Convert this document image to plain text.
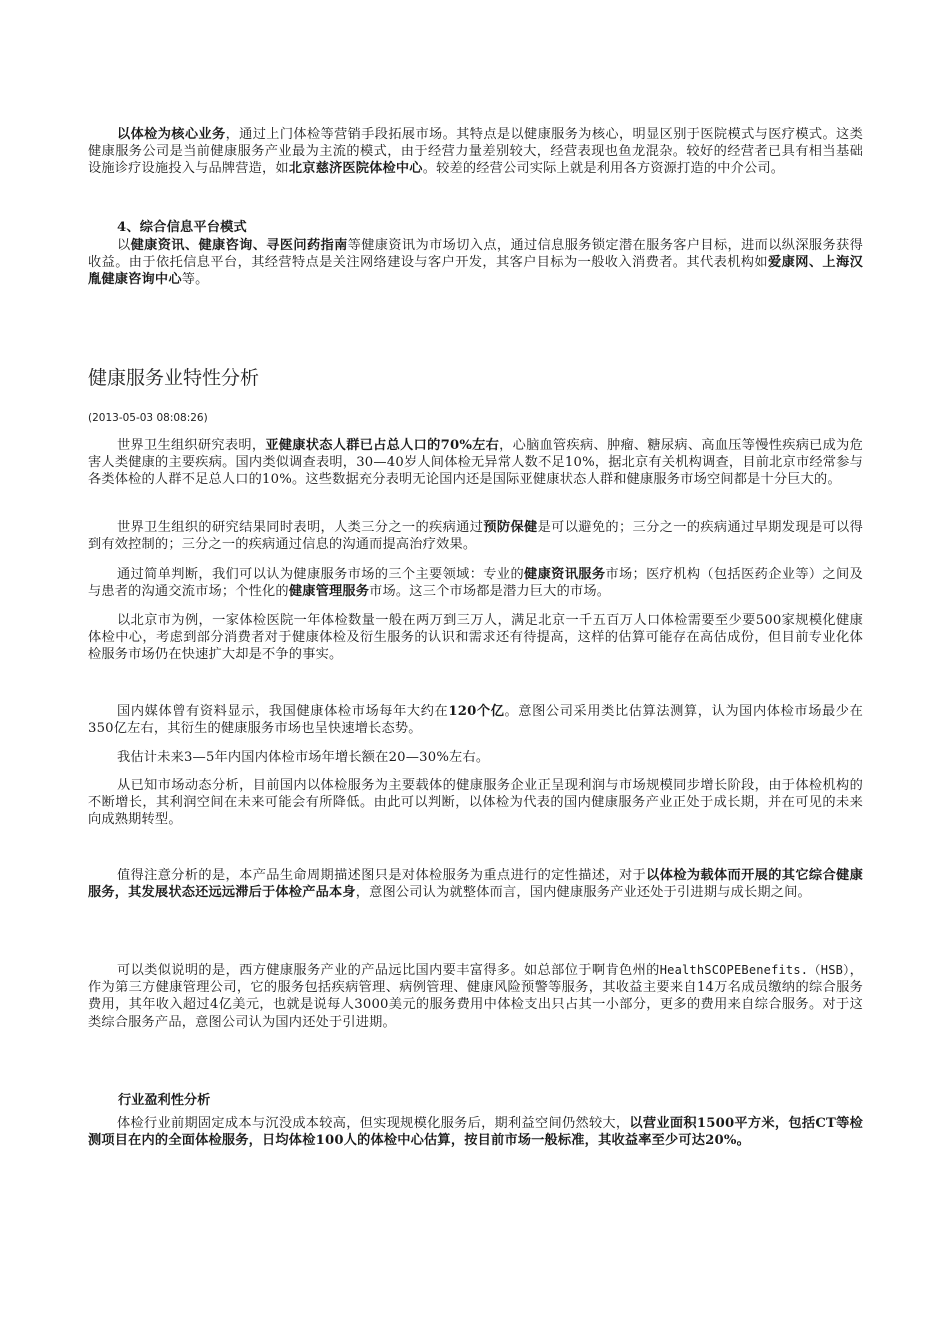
以体检为核心业务，通过上门体检等营销手段拓展市场。其特点是以健康服务为核心，明显区别于医院模式与医疗模式。这类健康服务公司是当前健康服务产业最为主流的模式，由于经营力量差别较大，经营表现也鱼龙混杂。较好的经营者已具有相当基础设施诊疗设施投入与品牌营造，如北京慈济医院体检中心。较差的经营公司实际上就是利用各方资源打造的中介公司。

4、综合信息平台模式

以健康资讯、健康咨询、寻医问药指南等健康资讯为市场切入点，通过信息服务锁定潜在服务客户目标，进而以纵深服务获得收益。由于依托信息平台，其经营特点是关注网络建设与客户开发，其客户目标为一般收入消费者。其代表机构如爱康网、上海汉胤健康咨询中心等。

健康服务业特性分析

(2013-05-03 08:08:26)

世界卫生组织研究表明，亚健康状态人群已占总人口的70%左右，心脑血管疾病、肿瘤、糖尿病、高血压等慢性疾病已成为危害人类健康的主要疾病。国内类似调查表明，30—40岁人间体检无异常人数不足10%，据北京有关机构调查，目前北京市经常参与各类体检的人群不足总人口的10%。这些数据充分表明无论国内还是国际亚健康状态人群和健康服务市场空间都是十分巨大的。

世界卫生组织的研究结果同时表明，人类三分之一的疾病通过预防保健是可以避免的；三分之一的疾病通过早期发现是可以得到有效控制的；三分之一的疾病通过信息的沟通而提高治疗效果。

通过简单判断，我们可以认为健康服务市场的三个主要领域：专业的健康资讯服务市场；医疗机构（包括医药企业等）之间及与患者的沟通交流市场；个性化的健康管理服务市场。这三个市场都是潜力巨大的市场。

以北京市为例，一家体检医院一年体检数量一般在两万到三万人，满足北京一千五百万人口体检需要至少要500家规模化健康体检中心，考虑到部分消费者对于健康体检及衍生服务的认识和需求还有待提高，这样的估算可能存在高估成份，但目前专业化体检服务市场仍在快速扩大却是不争的事实。

国内媒体曾有资料显示，我国健康体检市场每年大约在120个亿。意图公司采用类比估算法测算，认为国内体检市场最少在350亿左右，其衍生的健康服务市场也呈快速增长态势。

我估计未来3—5年内国内体检市场年增长额在20—30%左右。

从已知市场动态分析，目前国内以体检服务为主要载体的健康服务企业正呈现利润与市场规模同步增长阶段，由于体检机构的不断增长，其利润空间在未来可能会有所降低。由此可以判断，以体检为代表的国内健康服务产业正处于成长期，并在可见的未来向成熟期转型。

值得注意分析的是，本产品生命周期描述图只是对体检服务为重点进行的定性描述，对于以体检为载体而开展的其它综合健康服务，其发展状态还远远滞后于体检产品本身，意图公司认为就整体而言，国内健康服务产业还处于引进期与成长期之间。

可以类似说明的是，西方健康服务产业的产品远比国内要丰富得多。如总部位于啊肯色州的HealthSCOPEBenefits.（HSB），作为第三方健康管理公司，它的服务包括疾病管理、病例管理、健康风险预警等服务，其收益主要来自14万名成员缴纳的综合服务费用，其年收入超过4亿美元，也就是说每人3000美元的服务费用中体检支出只占其一小部分，更多的费用来自综合服务。对于这类综合服务产品，意图公司认为国内还处于引进期。

行业盈利性分析

体检行业前期固定成本与沉没成本较高，但实现规模化服务后，期利益空间仍然较大，以营业面积1500平方米，包括CT等检测项目在内的全面体检服务，日均体检100人的体检中心估算，按目前市场一般标准，其收益率至少可达20%。
